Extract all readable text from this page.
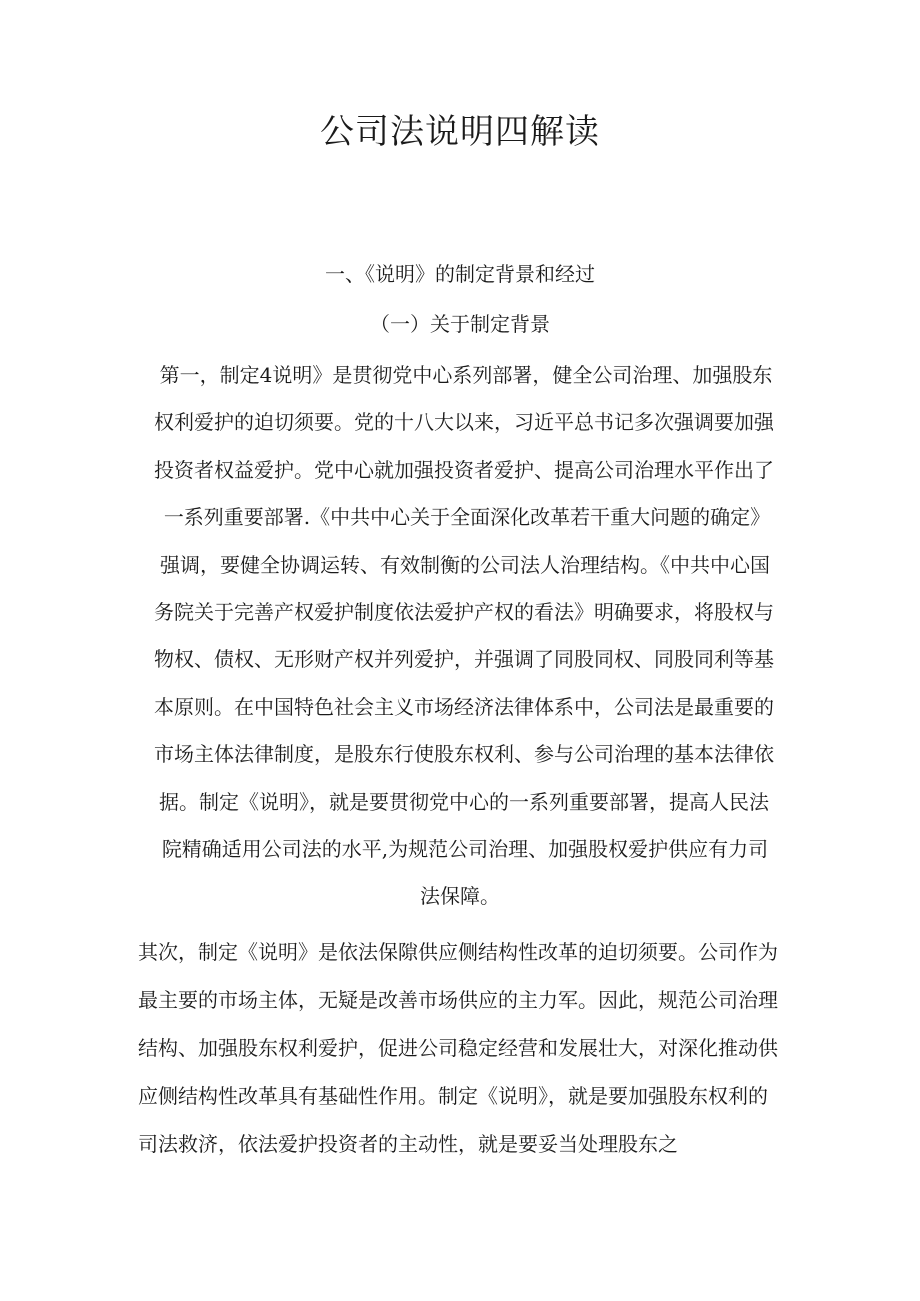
公司法说明四解读
一、《说明》的制定背景和经过
（一）关于制定背景

第一，制定4说明》是贯彻党中心系列部署，健全公司治理、加强股东
权利爱护的迫切须要。党的十八大以来，习近平总书记多次强调要加强
投资者权益爱护。党中心就加强投资者爱护、提高公司治理水平作出了
一系列重要部署.《中共中心关于全面深化改革若干重大问题的确定》
强调，要健全协调运转、有效制衡的公司法人治理结构。《中共中心国
务院关于完善产权爱护制度依法爱护产权的看法》明确要求，将股权与
物权、债权、无形财产权并列爱护，并强调了同股同权、同股同利等基
本原则。在中国特色社会主义市场经济法律体系中，公司法是最重要的
市场主体法律制度，是股东行使股东权利、参与公司治理的基本法律依
据。制定《说明》，就是要贯彻党中心的一系列重要部署，提高人民法
院精确适用公司法的水平,为规范公司治理、加强股权爱护供应有力司
法保障。

其次，制定《说明》是依法保隙供应侧结构性改革的迫切须要。公司作为
最主要的市场主体，无疑是改善市场供应的主力军。因此，规范公司治理
结构、加强股东权利爱护，促进公司稳定经营和发展壮大，对深化推动供
应侧结构性改革具有基础性作用。制定《说明》，就是要加强股东权利的
司法救济，依法爱护投资者的主动性，就是要妥当处理股东之
